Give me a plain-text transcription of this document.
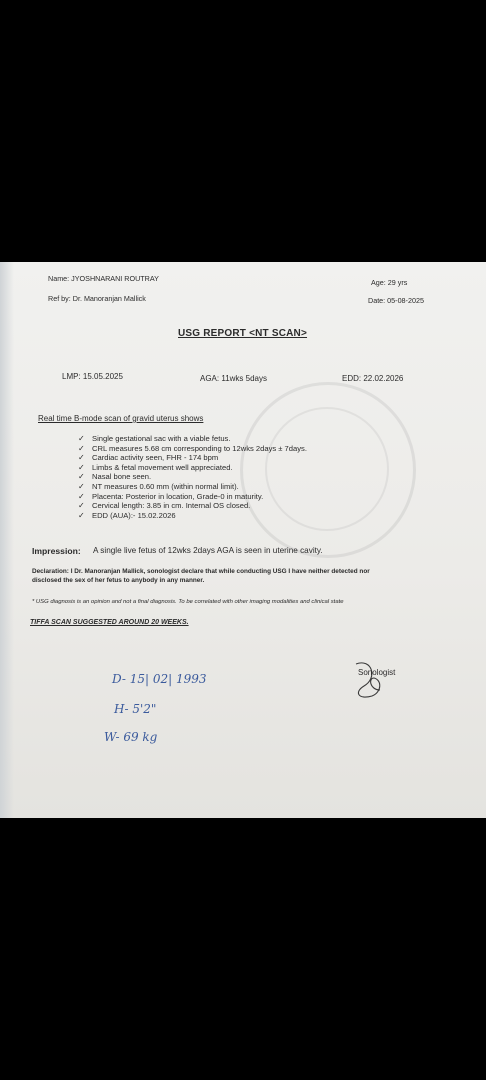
Name: JYOSHNARANI ROUTRAY	Age: 29 yrs
Ref by: Dr. Manoranjan Mallick	Date: 05-08-2025
USG REPORT <NT SCAN>
LMP: 15.05.2025	AGA: 11wks 5days	EDD: 22.02.2026
Real time B-mode scan of gravid uterus shows
✓ Single gestational sac with a viable fetus.
✓ CRL measures 5.68 cm corresponding to 12wks 2days ± 7days.
✓ Cardiac activity seen, FHR - 174 bpm
✓ Limbs & fetal movement well appreciated.
✓ Nasal bone seen.
✓ NT measures 0.60 mm (within normal limit).
✓ Placenta: Posterior in location, Grade-0 in maturity.
✓ Cervical length: 3.85 in cm. Internal OS closed.
✓ EDD (AUA):- 15.02.2026
Impression: A single live fetus of 12wks 2days AGA is seen in uterine cavity.
Declaration: I Dr. Manoranjan Mallick, sonologist declare that while conducting USG I have neither detected nor
disclosed the sex of her fetus to anybody in any manner.
* USG diagnosis is an opinion and not a final diagnosis. To be correlated with other imaging modalities and clinical state
TIFFA SCAN SUGGESTED AROUND 20 WEEKS.
Sonologist
D- 15| 02| 1993
H- 5'2"
W- 69 kg
